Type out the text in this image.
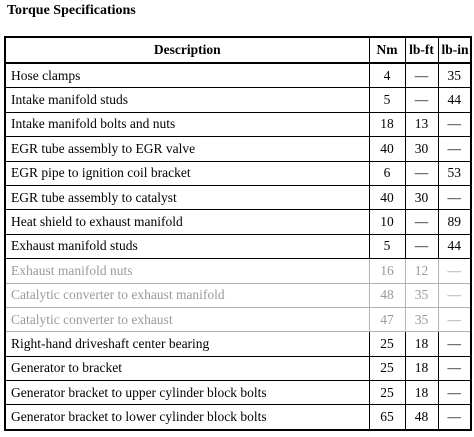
Torque Specifications
Description	Nm	lb-ft	lb-in
Hose clamps	4	—	35
Intake manifold studs	5	—	44
Intake manifold bolts and nuts	18	13	—
EGR tube assembly to EGR valve	40	30	—
EGR pipe to ignition coil bracket	6	—	53
EGR tube assembly to catalyst	40	30	—
Heat shield to exhaust manifold	10	—	89
Exhaust manifold studs	5	—	44
Exhaust manifold nuts	16	12	—
Catalytic converter to exhaust manifold	48	35	—
Catalytic converter to exhaust	47	35	—
Right-hand driveshaft center bearing	25	18	—
Generator to bracket	25	18	—
Generator bracket to upper cylinder block bolts	25	18	—
Generator bracket to lower cylinder block bolts	65	48	—
